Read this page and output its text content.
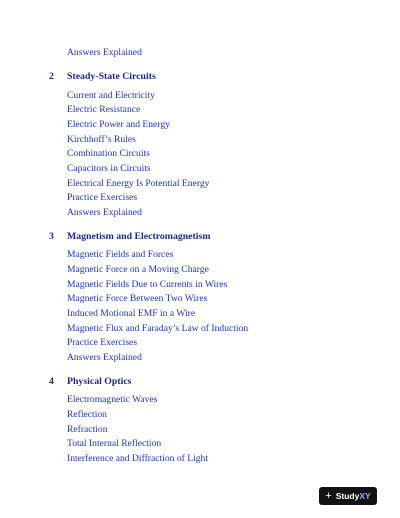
Answers Explained
2 Steady-State Circuits
Current and Electricity
Electric Resistance
Electric Power and Energy
Kirchhoff’s Rules
Combination Circuits
Capacitors in Circuits
Electrical Energy Is Potential Energy
Practice Exercises
Answers Explained
3 Magnetism and Electromagnetism
Magnetic Fields and Forces
Magnetic Force on a Moving Charge
Magnetic Fields Due to Currents in Wires
Magnetic Force Between Two Wires
Induced Motional EMF in a Wire
Magnetic Flux and Faraday’s Law of Induction
Practice Exercises
Answers Explained
4 Physical Optics
Electromagnetic Waves
Reflection
Refraction
Total Internal Reflection
Interference and Diffraction of Light
+ Study XY
